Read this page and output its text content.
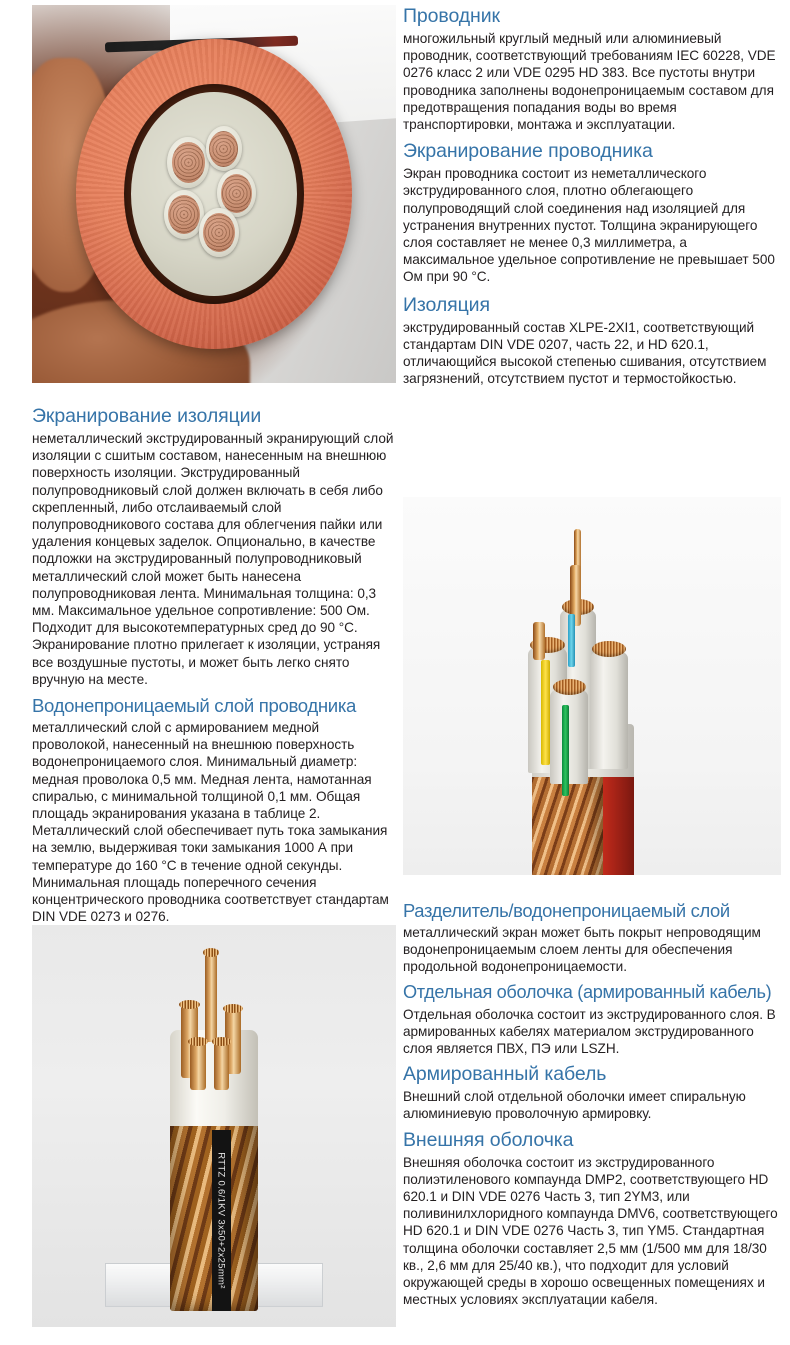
Проводник

многожильный круглый медный или алюминиевый проводник, соответствующий требованиям IEC 60228, VDE 0276 класс 2 или VDE 0295 HD 383. Все пустоты внутри проводника заполнены водонепроницаемым составом для предотвращения попадания воды во время транспортировки, монтажа и эксплуатации.

Экранирование проводника

Экран проводника состоит из неметаллического экструдированного слоя, плотно облегающего полупроводящий слой соединения над изоляцией для устранения внутренних пустот. Толщина экранирующего слоя составляет не менее 0,3 миллиметра, а максимальное удельное сопротивление не превышает 500 Ом при 90 °C.

Изоляция

экструдированный состав XLPE-2XI1, соответствующий стандартам DIN VDE 0207, часть 22, и HD 620.1, отличающийся высокой степенью сшивания, отсутствием загрязнений, отсутствием пустот и термостойкостью.

Экранирование изоляции

неметаллический экструдированный экранирующий слой изоляции с сшитым составом, нанесенным на внешнюю поверхность изоляции. Экструдированный полупроводниковый слой должен включать в себя либо скрепленный, либо отслаиваемый слой полупроводникового состава для облегчения пайки или удаления концевых заделок. Опционально, в качестве подложки на экструдированный полупроводниковый металлический слой может быть нанесена полупроводниковая лента. Минимальная толщина: 0,3 мм. Максимальное удельное сопротивление: 500 Ом. Подходит для высокотемпературных сред до 90 °C. Экранирование плотно прилегает к изоляции, устраняя все воздушные пустоты, и может быть легко снято вручную на месте.

Водонепроницаемый слой проводника

металлический слой с армированием медной проволокой, нанесенный на внешнюю поверхность водонепроницаемого слоя. Минимальный диаметр: медная проволока 0,5 мм. Медная лента, намотанная спиралью, с минимальной толщиной 0,1 мм. Общая площадь экранирования указана в таблице 2. Металлический слой обеспечивает путь тока замыкания на землю, выдерживая токи замыкания 1000 А при температуре до 160 °C в течение одной секунды. Минимальная площадь поперечного сечения концентрического проводника соответствует стандартам DIN VDE 0273 и 0276.	Разделитель/водонепроницаемый слой

металлический экран может быть покрыт непроводящим водонепроницаемым слоем ленты для обеспечения продольной водонепроницаемости.

Отдельная оболочка (армированный кабель)

Отдельная оболочка состоит из экструдированного слоя. В армированных кабелях материалом экструдированного слоя является ПВХ, ПЭ или LSZH.

Армированный кабель

Внешний слой отдельной оболочки имеет спиральную алюминиевую проволочную армировку.

Внешняя оболочка

Внешняя оболочка состоит из экструдированного полиэтиленового компаунда DMP2, соответствующего HD 620.1 и DIN VDE 0276 Часть 3, тип 2YM3, или поливинилхлоридного компаунда DMV6, соответствующего HD 620.1 и DIN VDE 0276 Часть 3, тип YM5. Стандартная толщина оболочки составляет 2,5 мм (1/500 мм для 18/30 кв., 2,6 мм для 25/40 кв.), что подходит для условий окружающей среды в хорошо освещенных помещениях и местных условиях эксплуатации кабеля.

RTTZ 0.6/1KV 3x50+2x25mm²
